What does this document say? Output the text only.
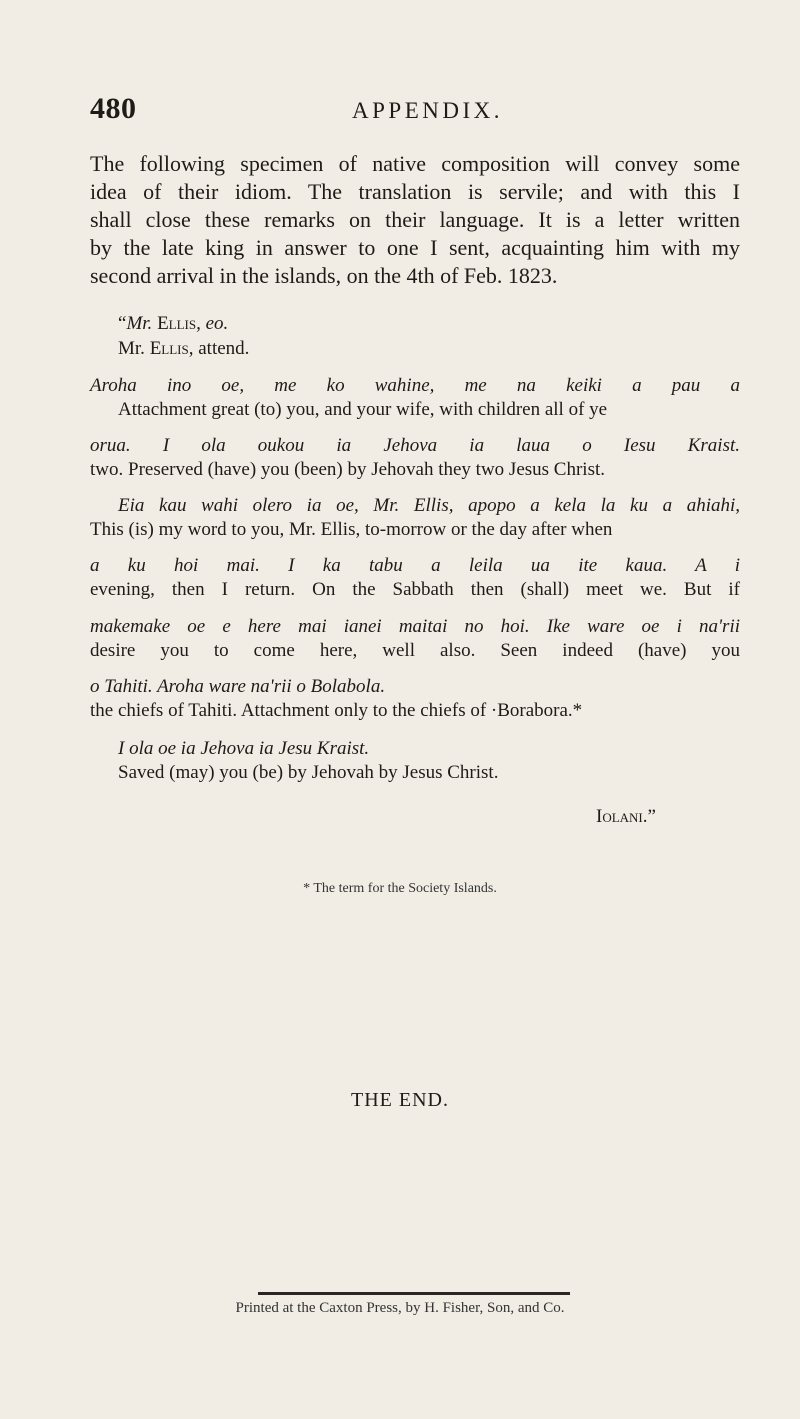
480	APPENDIX.
The following specimen of native composition will convey some
idea of their idiom. The translation is servile; and with this I
shall close these remarks on their language. It is a letter written
by the late king in answer to one I sent, acquainting him with my
second arrival in the islands, on the 4th of Feb. 1823.
“Mr. Ellis, eo.
Mr. Ellis, attend.
Aroha ino oe, me ko wahine, me na keiki a pau a
Attachment great (to) you, and your wife, with children all of ye
orua. I ola oukou ia Jehova ia laua o Iesu Kraist.
two. Preserved (have) you (been) by Jehovah they two Jesus Christ.
Eia kau wahi olero ia oe, Mr. Ellis, apopo a kela la ku a ahiahi,
This (is) my word to you, Mr. Ellis, to-morrow or the day after when
a ku hoi mai. I ka tabu a leila ua ite kaua. A i
evening, then I return. On the Sabbath then (shall) meet we. But if
makemake oe e here mai ianei maitai no hoi. Ike ware oe i na'rii
desire you to come here, well also. Seen indeed (have) you
o Tahiti. Aroha ware na'rii o Bolabola.
the chiefs of Tahiti. Attachment only to the chiefs of ·Borabora.*
I ola oe ia Jehova ia Jesu Kraist.
Saved (may) you (be) by Jehovah by Jesus Christ.
Iolani.”
* The term for the Society Islands.
THE END.
Printed at the Caxton Press, by H. Fisher, Son, and Co.
